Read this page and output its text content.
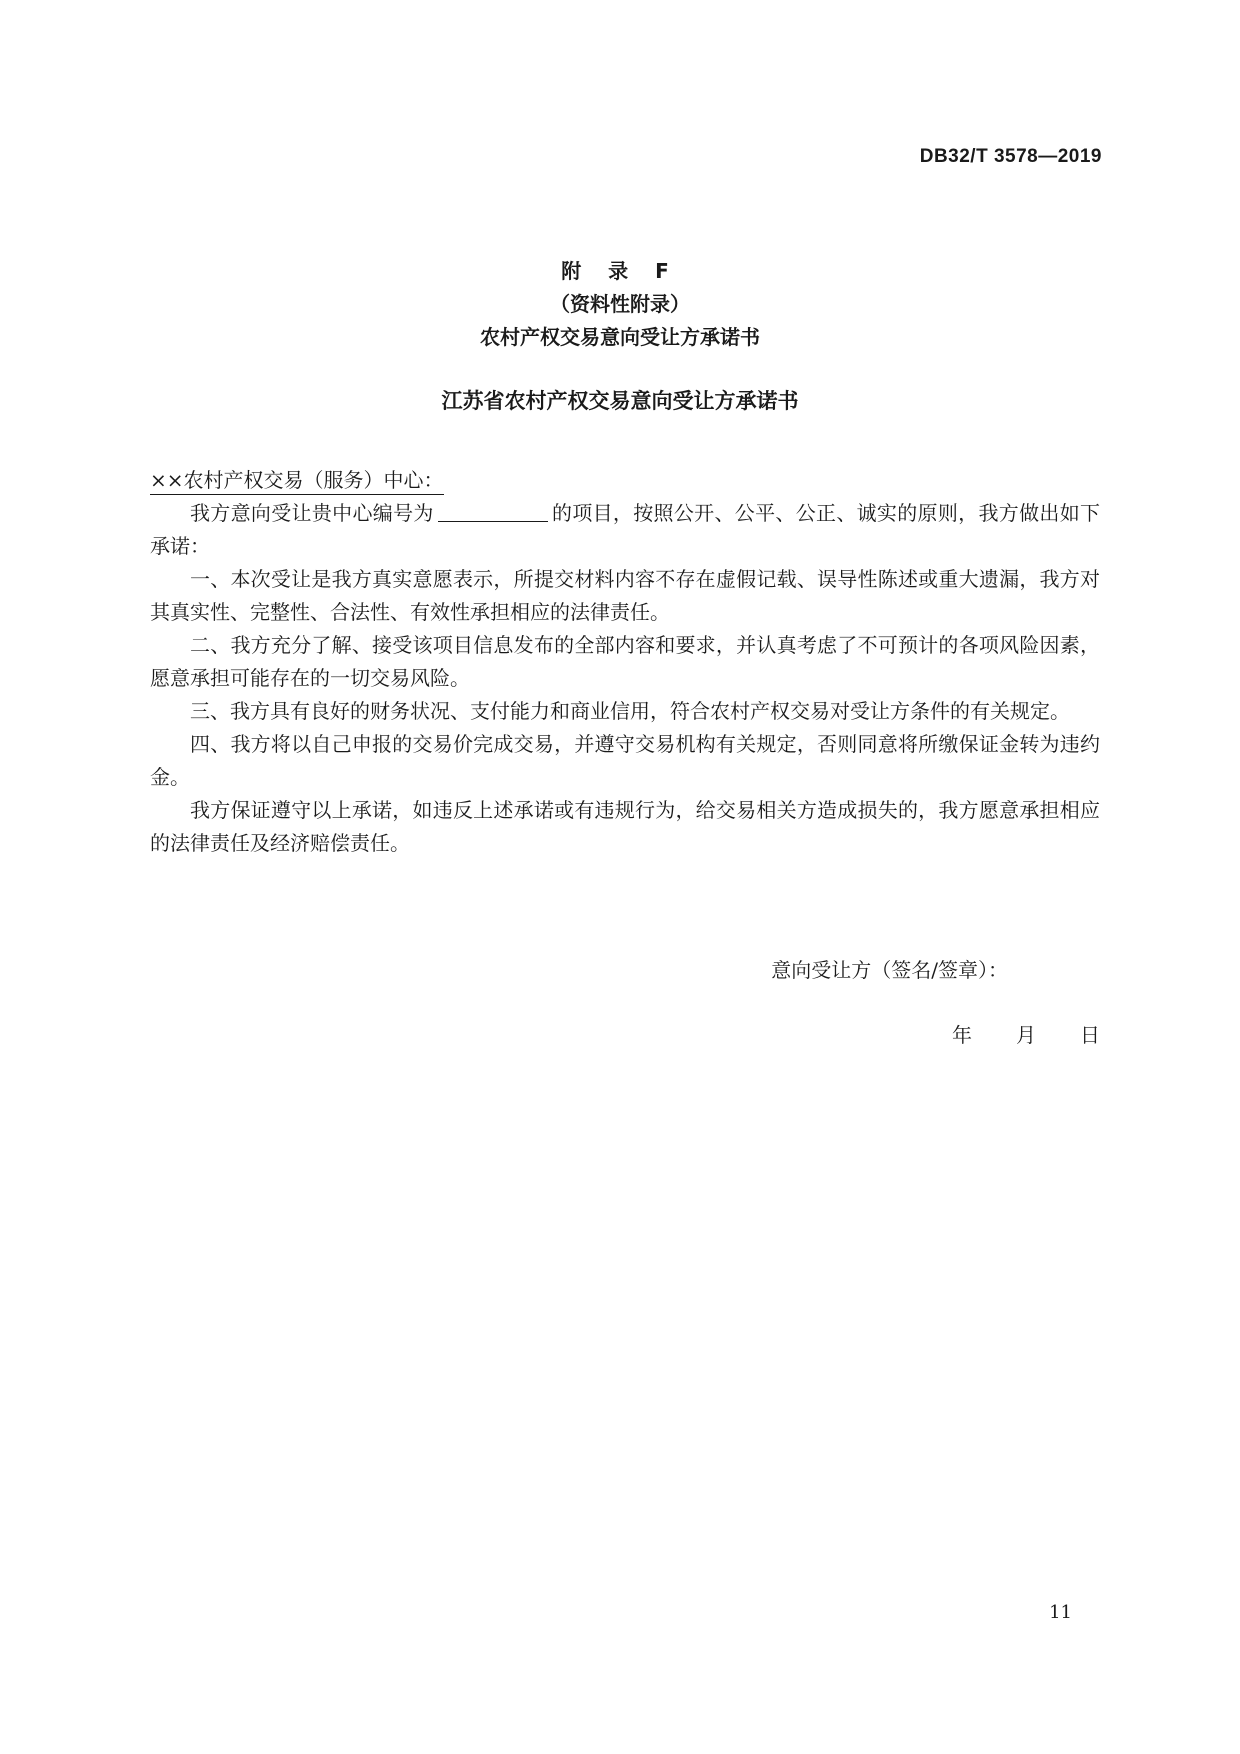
DB32/T 3578—2019
附 录 F
（资料性附录）
农村产权交易意向受让方承诺书
江苏省农村产权交易意向受让方承诺书

××农村产权交易（服务）中心：

我方意向受让贵中心编号为	的项目，按照公开、公平、公正、诚实的原则，我方做出如下承诺：

一、本次受让是我方真实意愿表示，所提交材料内容不存在虚假记载、误导性陈述或重大遗漏，我方对其真实性、完整性、合法性、有效性承担相应的法律责任。

二、我方充分了解、接受该项目信息发布的全部内容和要求，并认真考虑了不可预计的各项风险因素，愿意承担可能存在的一切交易风险。

三、我方具有良好的财务状况、支付能力和商业信用，符合农村产权交易对受让方条件的有关规定。

四、我方将以自己申报的交易价完成交易，并遵守交易机构有关规定，否则同意将所缴保证金转为违约金。

我方保证遵守以上承诺，如违反上述承诺或有违规行为，给交易相关方造成损失的，我方愿意承担相应的法律责任及经济赔偿责任。

意向受让方（签名/签章）：
年 月 日
11
